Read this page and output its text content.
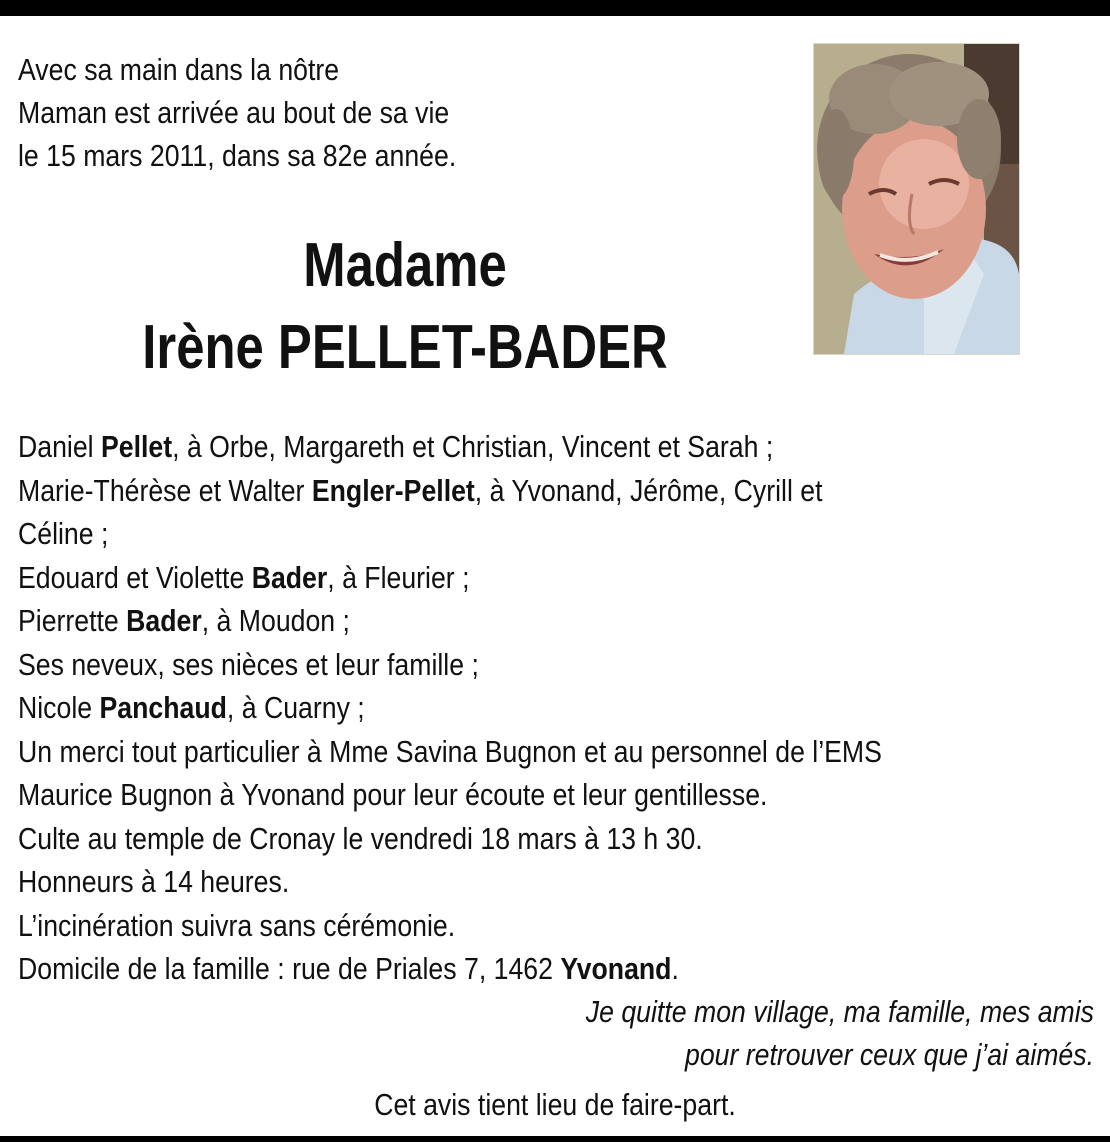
Avec sa main dans la nôtre
Maman est arrivée au bout de sa vie
le 15 mars 2011, dans sa 82e année.
Madame
Irène PELLET-BADER
Daniel Pellet, à Orbe, Margareth et Christian, Vincent et Sarah ;
Marie-Thérèse et Walter Engler-Pellet, à Yvonand, Jérôme, Cyrill et
Céline ;
Edouard et Violette Bader, à Fleurier ;
Pierrette Bader, à Moudon ;
Ses neveux, ses nièces et leur famille ;
Nicole Panchaud, à Cuarny ;
Un merci tout particulier à Mme Savina Bugnon et au personnel de l’EMS
Maurice Bugnon à Yvonand pour leur écoute et leur gentillesse.
Culte au temple de Cronay le vendredi 18 mars à 13 h 30.
Honneurs à 14 heures.
L’incinération suivra sans cérémonie.
Domicile de la famille : rue de Priales 7, 1462 Yvonand.
Je quitte mon village, ma famille, mes amis
pour retrouver ceux que j’ai aimés.
Cet avis tient lieu de faire-part.
